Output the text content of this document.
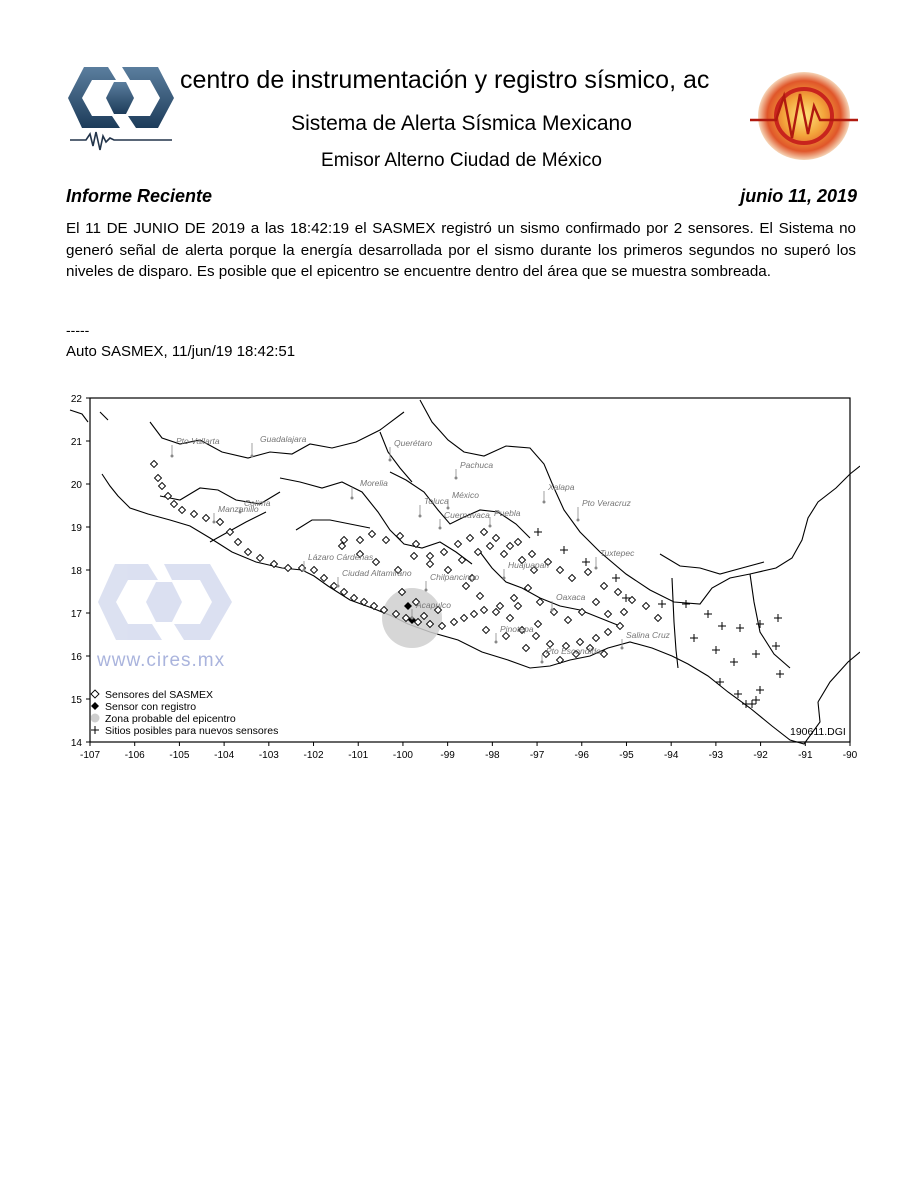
centro de instrumentación y registro sísmico, ac
Sistema de Alerta Sísmica Mexicano
Emisor Alterno Ciudad de México
Informe Reciente	junio 11, 2019
El 11 DE JUNIO DE 2019 a las 18:42:19 el SASMEX registró un sismo confirmado por 2 sensores. El Sistema no generó señal de alerta porque la energía desarrollada por el sismo durante los primeros segundos no superó los niveles de disparo. Es posible que el epicentro se encuentre dentro del área que se muestra sombreada.
-----
Auto SASMEX, 11/jun/19 18:42:51
-107 -106 -105 -104 -103 -102 -101 -100	-99	-98	-97	-96	-95	-94	-93	-92	-91	-90
22
21
20
19
18
17
16
15
14
www.cires.mx
Pto Vallarta	Guadalajara	Querétaro
Pachuca
Morelia
Colima
Manzanillo
Toluca
México
Cuernavaca Puebla
Xalapa
Pto Veracruz
Lázaro Cárdenas
Chilpancingo
Huajuapan
Tuxtepec
Ciudad Altamirano
Acapulco
Oaxaca
Pinotepa
Salina Cruz
Pto Escondido
Sensores del SASMEX
Sensor con registro
Zona probable del epicentro
Sitios posibles para nuevos sensores	190611.DGI
